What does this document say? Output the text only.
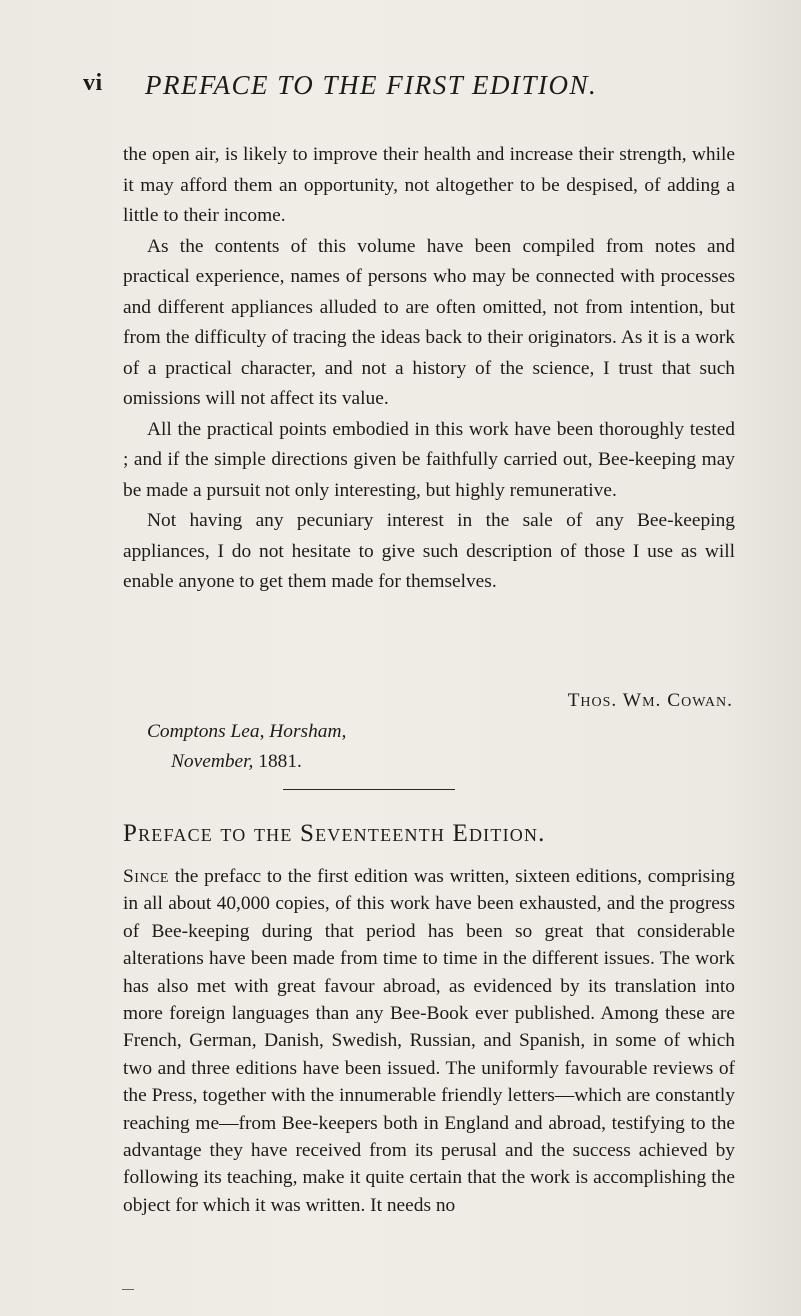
vi PREFACE TO THE FIRST EDITION.

the open air, is likely to improve their health and increase their strength, while it may afford them an opportunity, not altogether to be despised, of adding a little to their income.

As the contents of this volume have been compiled from notes and practical experience, names of persons who may be connected with processes and different appliances alluded to are often omitted, not from intention, but from the difficulty of tracing the ideas back to their originators. As it is a work of a practical character, and not a history of the science, I trust that such omissions will not affect its value.

All the practical points embodied in this work have been thoroughly tested ; and if the simple directions given be faithfully carried out, Bee-keeping may be made a pursuit not only interesting, but highly remunerative.

Not having any pecuniary interest in the sale of any Bee-keeping appliances, I do not hesitate to give such description of those I use as will enable anyone to get them made for themselves.

Thos. Wm. Cowan.
Comptons Lea, Horsham,
November, 1881.
Preface to the Seventeenth Edition.

Since the prefacc to the first edition was written, sixteen editions, comprising in all about 40,000 copies, of this work have been exhausted, and the progress of Bee-keeping during that period has been so great that considerable alterations have been made from time to time in the different issues. The work has also met with great favour abroad, as evidenced by its translation into more foreign languages than any Bee-Book ever published. Among these are French, German, Danish, Swedish, Russian, and Spanish, in some of which two and three editions have been issued. The uniformly favourable reviews of the Press, together with the innumerable friendly letters—which are constantly reaching me—from Bee-keepers both in England and abroad, testifying to the advantage they have received from its perusal and the success achieved by following its teaching, make it quite certain that the work is accomplishing the object for which it was written. It needs no
